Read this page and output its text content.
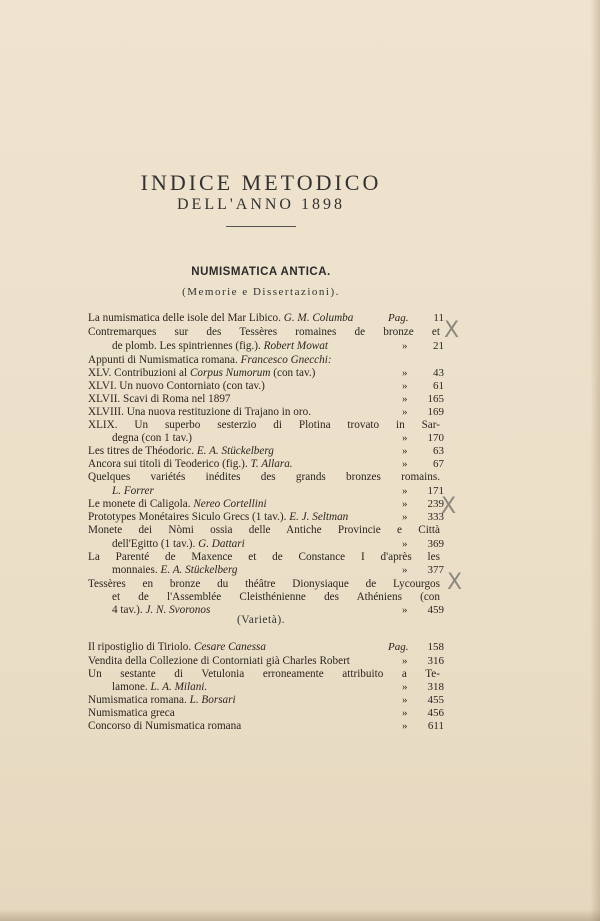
INDICE METODICO
DELL'ANNO 1898
NUMISMATICA ANTICA.
(Memorie e Dissertazioni).
La numismatica delle isole del Mar Libico. G. M. Columba	Pag.	11
Contremarques sur des Tessères romaines de bronze et
de plomb. Les spintriennes (fig.). Robert Mowat	»	21
Appunti di Numismatica romana. Francesco Gnecchi:
XLV. Contribuzioni al Corpus Numorum (con tav.)	»	43
XLVI. Un nuovo Contorniato (con tav.)	»	61
XLVII. Scavi di Roma nel 1897	»	165
XLVIII. Una nuova restituzione di Trajano in oro.	»	169
XLIX. Un superbo sesterzio di Plotina trovato in Sar-
degna (con 1 tav.)	»	170
Les titres de Théodoric. E. A. Stückelberg	»	63
Ancora sui titoli di Teoderico (fig.). T. Allara.	»	67
Quelques variétés inédites des grands bronzes romains.
L. Forrer	»	171
Le monete di Caligola. Nereo Cortellini	»	239
Prototypes Monétaires Siculo Grecs (1 tav.). E. J. Seltman	»	333
Monete dei Nòmi ossia delle Antiche Provincie e Città
dell'Egitto (1 tav.). G. Dattari	»	369
La Parenté de Maxence et de Constance I d'après les
monnaies. E. A. Stückelberg	»	377
Tessères en bronze du théâtre Dionysiaque de Lycourgos
et de l'Assemblée Cleisthénienne des Athéniens (con
4 tav.). J. N. Svoronos	»	459
(Varietà).
Il ripostiglio di Tiriolo. Cesare Canessa	Pag.	158
Vendita della Collezione di Contorniati già Charles Robert	»	316
Un sestante di Vetulonia erroneamente attribuito a Te-
lamone. L. A. Milani.	»	318
Numismatica romana. L. Borsari	»	455
Numismatica greca	»	456
Concorso di Numismatica romana	»	611
X
X
X
